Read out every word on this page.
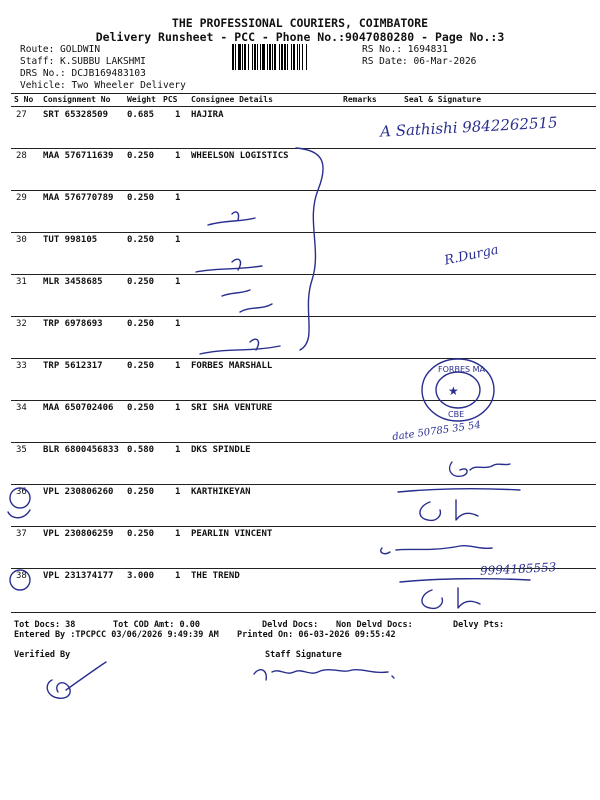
THE PROFESSIONAL COURIERS, COIMBATORE
Delivery Runsheet - PCC - Phone No.:9047080280 - Page No.:3
Route: GOLDWIN
Staff: K.SUBBU LAKSHMI
DRS No.: DCJB169483103
Vehicle: Two Wheeler Delivery
RS No.: 1694831
RS Date: 06-Mar-2026
S No Consignment No Weight PCS Consignee Details	Remarks	Seal & Signature
27 SRT 65328509 0.685 1 HAJIRA
28 MAA 576711639 0.250 1 WHEELSON LOGISTICS
29 MAA 576770789 0.250 1
30 TUT 998105	0.250 1
31 MLR 3458685	0.250 1
32 TRP 6978693	0.250 1
33 TRP 5612317	0.250 1 FORBES MARSHALL
34 MAA 650702406 0.250 1 SRI SHA VENTURE
35 BLR 6800456833 0.580 1 DKS SPINDLE
36 VPL 230806260 0.250 1 KARTHIKEYAN
37 VPL 230806259 0.250 1 PEARLIN VINCENT
38 VPL 231374177 3.000 1 THE TREND
A Sathishi 9842262515
R.Durga
date 50785 35 54
9994185553
FORBES MA
CBE
★
Tot Docs: 38	Tot COD Amt: 0.00	Delvd Docs: Non Delvd Docs:	Delvy Pts:
Entered By :TPCPCC 03/06/2026 9:49:39 AM Printed On: 06-03-2026 09:55:42
Verified By	Staff Signature
